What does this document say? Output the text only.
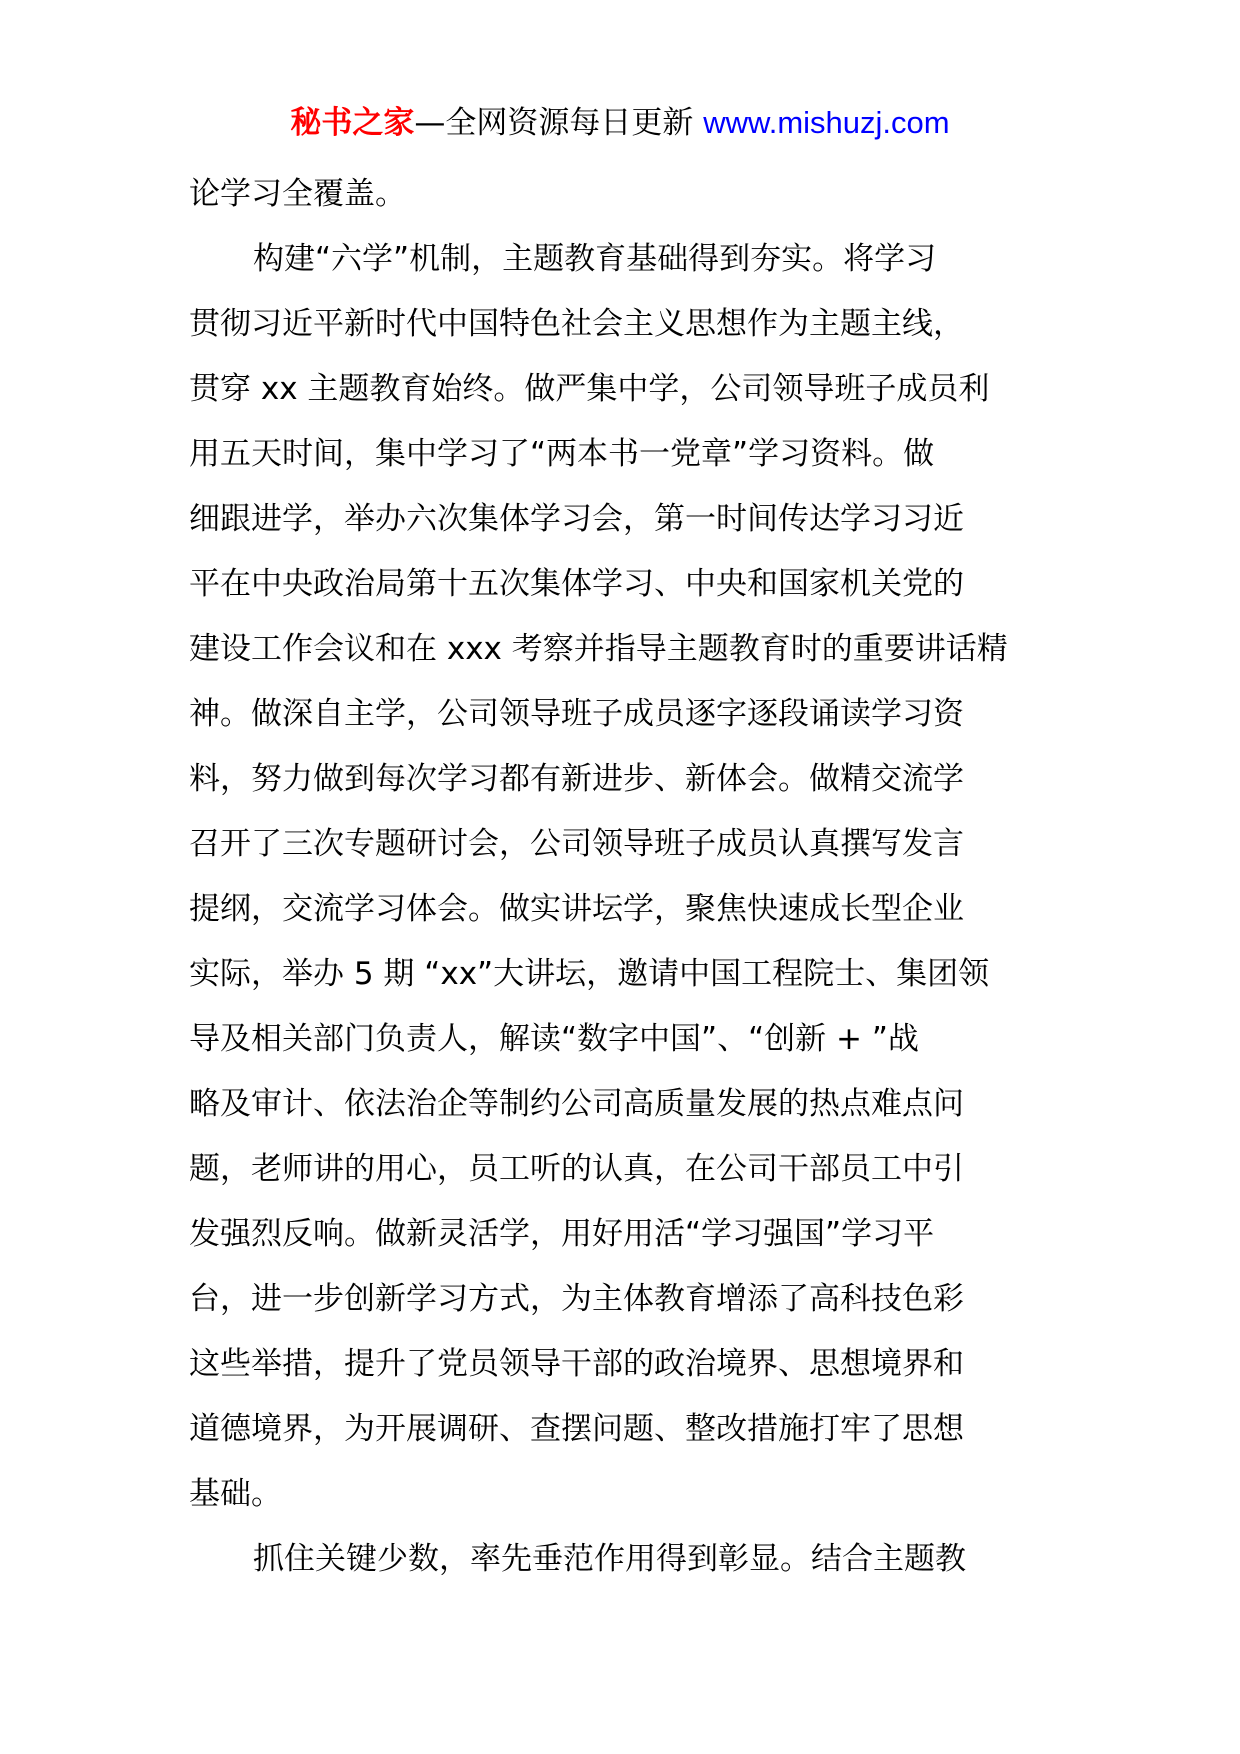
秘书之家—全网资源每日更新 www.mishuzj.com
论学习全覆盖。
构建“六学”机制，主题教育基础得到夯实。将学习
贯彻习近平新时代中国特色社会主义思想作为主题主线，
贯穿 xx 主题教育始终。做严集中学，公司领导班子成员利
用五天时间，集中学习了“两本书一党章”学习资料。做
细跟进学，举办六次集体学习会，第一时间传达学习习近
平在中央政治局第十五次集体学习、中央和国家机关党的
建设工作会议和在 xxx 考察并指导主题教育时的重要讲话精
神。做深自主学，公司领导班子成员逐字逐段诵读学习资
料，努力做到每次学习都有新进步、新体会。做精交流学
召开了三次专题研讨会，公司领导班子成员认真撰写发言
提纲，交流学习体会。做实讲坛学，聚焦快速成长型企业
实际，举办 5 期 “xx”大讲坛，邀请中国工程院士、集团领
导及相关部门负责人，解读“数字中国”、“创新 + ”战
略及审计、依法治企等制约公司高质量发展的热点难点问
题，老师讲的用心，员工听的认真，在公司干部员工中引
发强烈反响。做新灵活学，用好用活“学习强国”学习平
台，进一步创新学习方式，为主体教育增添了高科技色彩
这些举措，提升了党员领导干部的政治境界、思想境界和
道德境界，为开展调研、查摆问题、整改措施打牢了思想
基础。
抓住关键少数，率先垂范作用得到彰显。结合主题教
